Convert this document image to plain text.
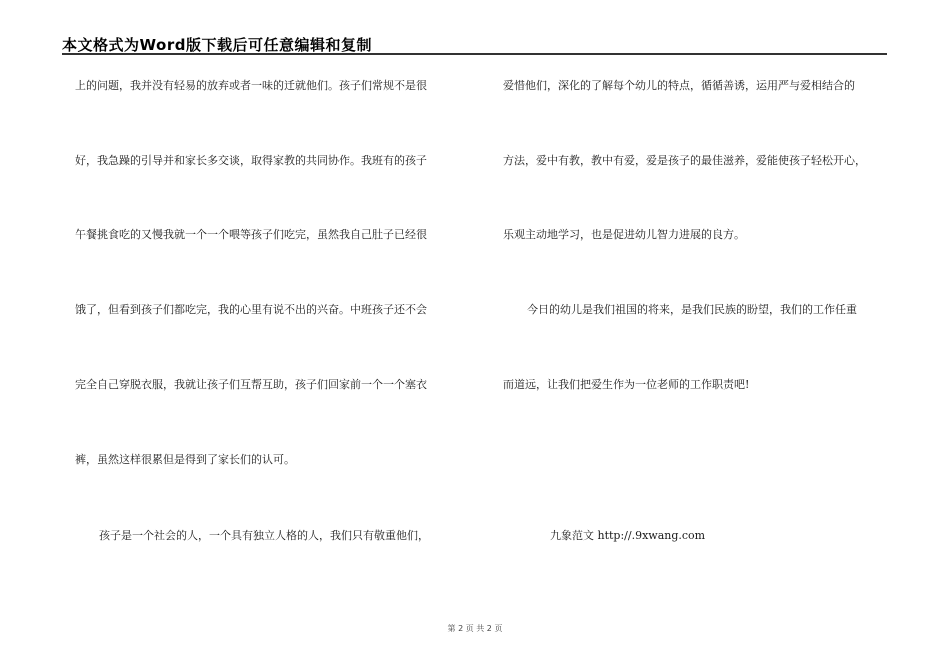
本文格式为Word版下载后可任意编辑和复制
上的问题，我并没有轻易的放弃或者一味的迁就他们。孩子们常规不是很
好，我急躁的引导并和家长多交谈，取得家教的共同协作。我班有的孩子
午餐挑食吃的又慢我就一个一个喂等孩子们吃完，虽然我自己肚子已经很
饿了，但看到孩子们都吃完，我的心里有说不出的兴奋。中班孩子还不会
完全自己穿脱衣服，我就让孩子们互帮互助，孩子们回家前一个一个塞衣
裤，虽然这样很累但是得到了家长们的认可。
孩子是一个社会的人，一个具有独立人格的人，我们只有敬重他们，
爱惜他们，深化的了解每个幼儿的特点，循循善诱，运用严与爱相结合的
方法，爱中有教，教中有爱，爱是孩子的最佳滋养，爱能使孩子轻松开心，
乐观主动地学习，也是促进幼儿智力进展的良方。
今日的幼儿是我们祖国的将来，是我们民族的盼望，我们的工作任重
而道远，让我们把爱生作为一位老师的工作职责吧!
九象范文 http://.9xwang.com
第 2 页 共 2 页
